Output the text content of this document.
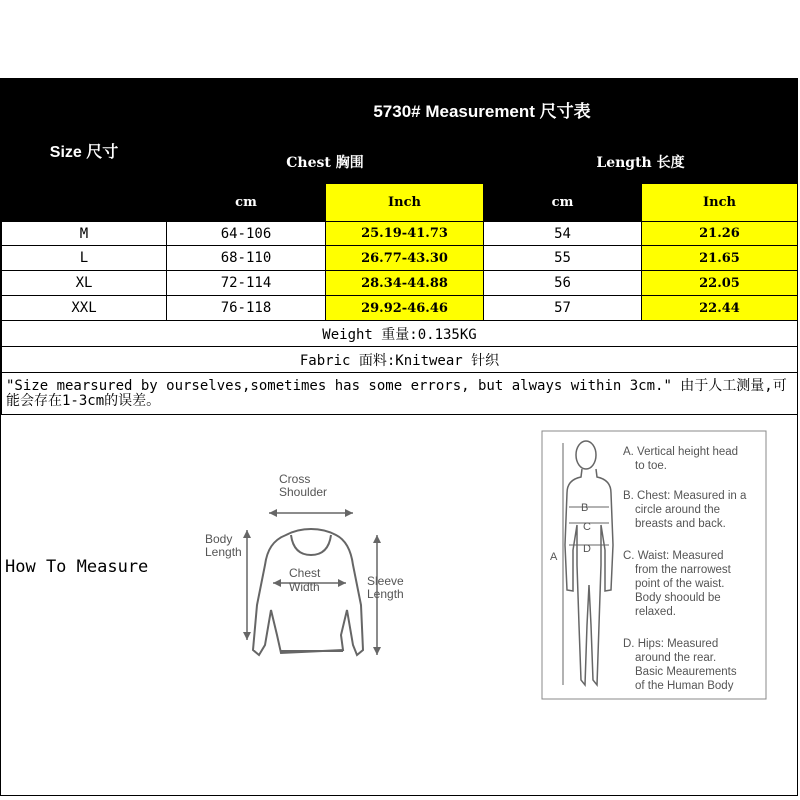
Size 尺寸	5730# Measurement 尺寸表			
	Chest 胸围		Length 长度	
	cm	Inch	cm	Inch
M	64-106	25.19-41.73	54	21.26
L	68-110	26.77-43.30	55	21.65
XL	72-114	28.34-44.88	56	22.05
XXL	76-118	29.92-46.46	57	22.44
Weight 重量:0.135KG				
Fabric 面料:Knitwear 针织				
"Size mearsured by ourselves,sometimes has some errors, but always within 3cm." 由于人工测量,可能会存在1-3cm的误差。				
How To Measure
Cross
Shoulder
Body
Length
Chest
Width	Sleeve
Length
B
C
D
A
A. Vertical height head
to toe.
B. Chest: Measured in a
circle around the
breasts and back.
C. Waist: Measured
from the narrowest
point of the waist.
Body shoould be
relaxed.
D. Hips: Measured
around the rear.
Basic Meaurements
of the Human Body
